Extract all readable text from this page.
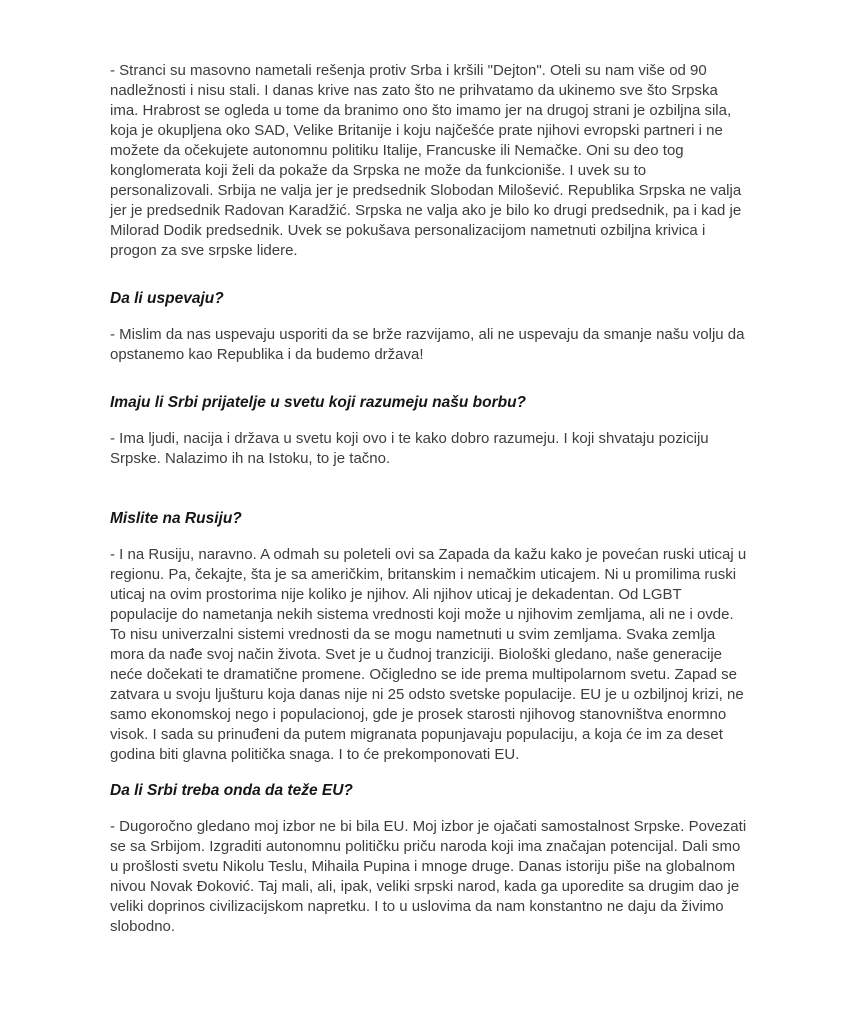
- Stranci su masovno nametali rešenja protiv Srba i kršili "Dejton". Oteli su nam više od 90 nadležnosti i nisu stali. I danas krive nas zato što ne prihvatamo da ukinemo sve što Srpska ima. Hrabrost se ogleda u tome da branimo ono što imamo jer na drugoj strani je ozbiljna sila, koja je okupljena oko SAD, Velike Britanije i koju najčešće prate njihovi evropski partneri i ne možete da očekujete autonomnu politiku Italije, Francuske ili Nemačke. Oni su deo tog konglomerata koji želi da pokaže da Srpska ne može da funkcioniše. I uvek su to personalizovali. Srbija ne valja jer je predsednik Slobodan Milošević. Republika Srpska ne valja jer je predsednik Radovan Karadžić. Srpska ne valja ako je bilo ko drugi predsednik, pa i kad je Milorad Dodik predsednik. Uvek se pokušava personalizacijom nametnuti ozbiljna krivica i progon za sve srpske lidere.

Da li uspevaju?

- Mislim da nas uspevaju usporiti da se brže razvijamo, ali ne uspevaju da smanje našu volju da opstanemo kao Republika i da budemo država!

Imaju li Srbi prijatelje u svetu koji razumeju našu borbu?

- Ima ljudi, nacija i država u svetu koji ovo i te kako dobro razumeju. I koji shvataju poziciju Srpske. Nalazimo ih na Istoku, to je tačno.

Mislite na Rusiju?

- I na Rusiju, naravno. A odmah su poleteli ovi sa Zapada da kažu kako je povećan ruski uticaj u regionu. Pa, čekajte, šta je sa američkim, britanskim i nemačkim uticajem. Ni u promilima ruski uticaj na ovim prostorima nije koliko je njihov. Ali njihov uticaj je dekadentan. Od LGBT populacije do nametanja nekih sistema vrednosti koji može u njihovim zemljama, ali ne i ovde. To nisu univerzalni sistemi vrednosti da se mogu nametnuti u svim zemljama. Svaka zemlja mora da nađe svoj način života. Svet je u čudnoj tranziciji. Biološki gledano, naše generacije neće dočekati te dramatične promene. Očigledno se ide prema multipolarnom svetu. Zapad se zatvara u svoju ljušturu koja danas nije ni 25 odsto svetske populacije. EU je u ozbiljnoj krizi, ne samo ekonomskoj nego i populacionoj, gde je prosek starosti njihovog stanovništva enormno visok. I sada su prinuđeni da putem migranata popunjavaju populaciju, a koja će im za deset godina biti glavna politička snaga. I to će prekomponovati EU.

Da li Srbi treba onda da teže EU?

- Dugoročno gledano moj izbor ne bi bila EU. Moj izbor je ojačati samostalnost Srpske. Povezati se sa Srbijom. Izgraditi autonomnu političku priču naroda koji ima značajan potencijal. Dali smo u prošlosti svetu Nikolu Teslu, Mihaila Pupina i mnoge druge. Danas istoriju piše na globalnom nivou Novak Đoković. Taj mali, ali, ipak, veliki srpski narod, kada ga uporedite sa drugim dao je veliki doprinos civilizacijskom napretku. I to u uslovima da nam konstantno ne daju da živimo slobodno.
